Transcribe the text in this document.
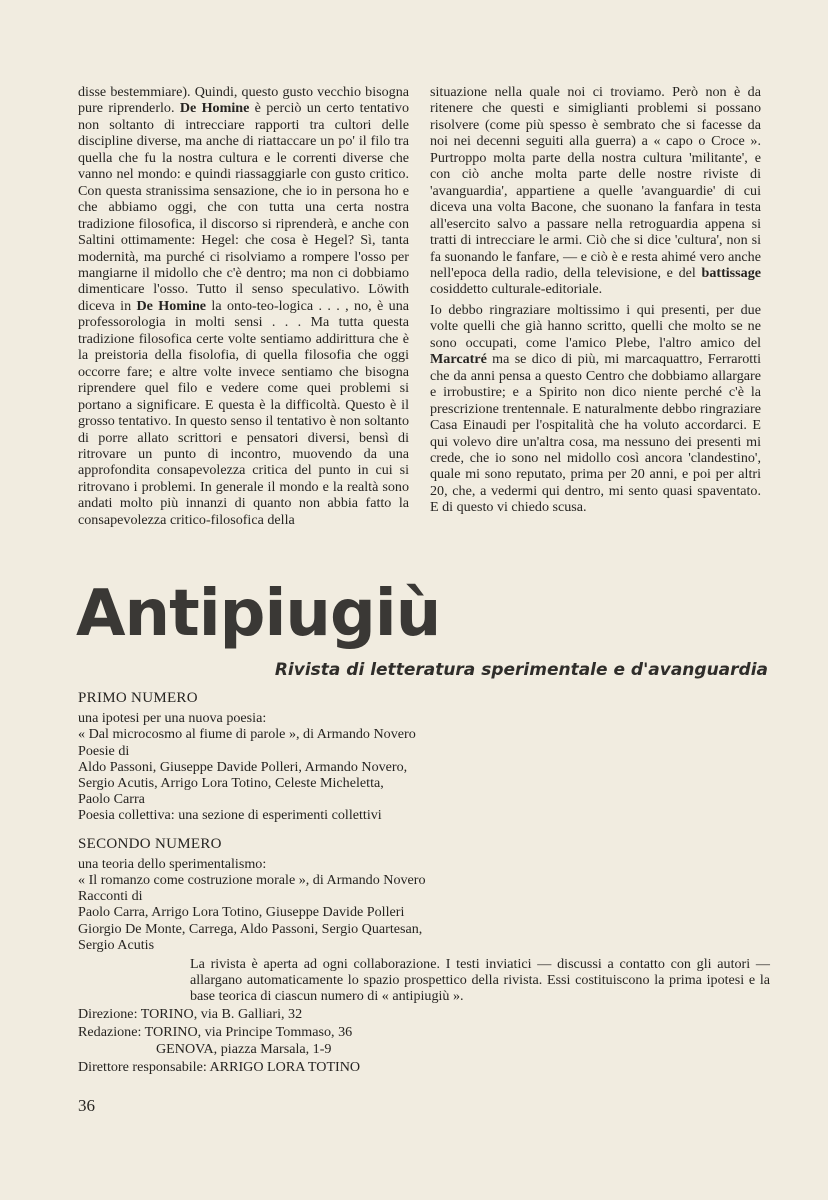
disse bestemmiare). Quindi, questo gusto vecchio bisogna pure riprenderlo. De Homine è perciò un certo tentativo non soltanto di intrecciare rapporti tra cultori delle discipline diverse, ma anche di riattaccare un po' il filo tra quella che fu la nostra cultura e le correnti diverse che vanno nel mondo: e quindi riassaggiarle con gusto critico. Con questa stranissima sensazione, che io in persona ho e che abbiamo oggi, che con tutta una certa nostra tradizione filosofica, il discorso si riprenderà, e anche con Saltini ottimamente: Hegel: che cosa è Hegel? Sì, tanta modernità, ma purché ci risolviamo a rompere l'osso per mangiarne il midollo che c'è dentro; ma non ci dobbiamo dimenticare l'osso. Tutto il senso speculativo. Löwith diceva in De Homine la onto-teo-logica . . . , no, è una professorologia in molti sensi . . . Ma tutta questa tradizione filosofica certe volte sentiamo addirittura che è la preistoria della fisolofia, di quella filosofia che oggi occorre fare; e altre volte invece sentiamo che bisogna riprendere quel filo e vedere come quei problemi si portano a significare. E questa è la difficoltà. Questo è il grosso tentativo. In questo senso il tentativo è non soltanto di porre allato scrittori e pensatori diversi, bensì di ritrovare un punto di incontro, muovendo da una approfondita consapevolezza critica del punto in cui si ritrovano i problemi. In generale il mondo e la realtà sono andati molto più innanzi di quanto non abbia fatto la consapevolezza critico-filosofica della

situazione nella quale noi ci troviamo. Però non è da ritenere che questi e simiglianti problemi si possano risolvere (come più spesso è sembrato che si facesse da noi nei decenni seguiti alla guerra) a « capo o Croce ». Purtroppo molta parte della nostra cultura 'militante', e con ciò anche molta parte delle nostre riviste di 'avanguardia', appartiene a quelle 'avanguardie' di cui diceva una volta Bacone, che suonano la fanfara in testa all'esercito salvo a passare nella retroguardia appena si tratti di intrecciare le armi. Ciò che si dice 'cultura', non si fa suonando le fanfare, — e ciò è e resta ahimé vero anche nell'epoca della radio, della televisione, e del battissage cosiddetto culturale-editoriale.

Io debbo ringraziare moltissimo i qui presenti, per due volte quelli che già hanno scritto, quelli che molto se ne sono occupati, come l'amico Plebe, l'altro amico del Marcatré ma se dico di più, mi marcaquattro, Ferrarotti che da anni pensa a questo Centro che dobbiamo allargare e irrobustire; e a Spirito non dico niente perché c'è la prescrizione trentennale. E naturalmente debbo ringraziare Casa Einaudi per l'ospitalità che ha voluto accordarci. E qui volevo dire un'altra cosa, ma nessuno dei presenti mi crede, che io sono nel midollo così ancora 'clandestino', quale mi sono reputato, prima per 20 anni, e poi per altri 20, che, a vedermi qui dentro, mi sento quasi spaventato. E di questo vi chiedo scusa.

Antipiugiù

Rivista di letteratura sperimentale e d'avanguardia

PRIMO NUMERO

una ipotesi per una nuova poesia:

« Dal microcosmo al fiume di parole », di Armando Novero

Poesie di

Aldo Passoni, Giuseppe Davide Polleri, Armando Novero,

Sergio Acutis, Arrigo Lora Totino, Celeste Micheletta,

Paolo Carra

Poesia collettiva: una sezione di esperimenti collettivi

SECONDO NUMERO

una teoria dello sperimentalismo:

« Il romanzo come costruzione morale », di Armando Novero

Racconti di

Paolo Carra, Arrigo Lora Totino, Giuseppe Davide Polleri

Giorgio De Monte, Carrega, Aldo Passoni, Sergio Quartesan,

Sergio Acutis

La rivista è aperta ad ogni collaborazione. I testi inviatici — discussi a contatto con gli autori — allargano automaticamente lo spazio prospettico della rivista. Essi costituiscono la prima ipotesi e la base teorica di ciascun numero di « antipiugiù ».

Direzione: TORINO, via B. Galliari, 32

Redazione: TORINO, via Principe Tommaso, 36

GENOVA, piazza Marsala, 1-9

Direttore responsabile: ARRIGO LORA TOTINO

36
